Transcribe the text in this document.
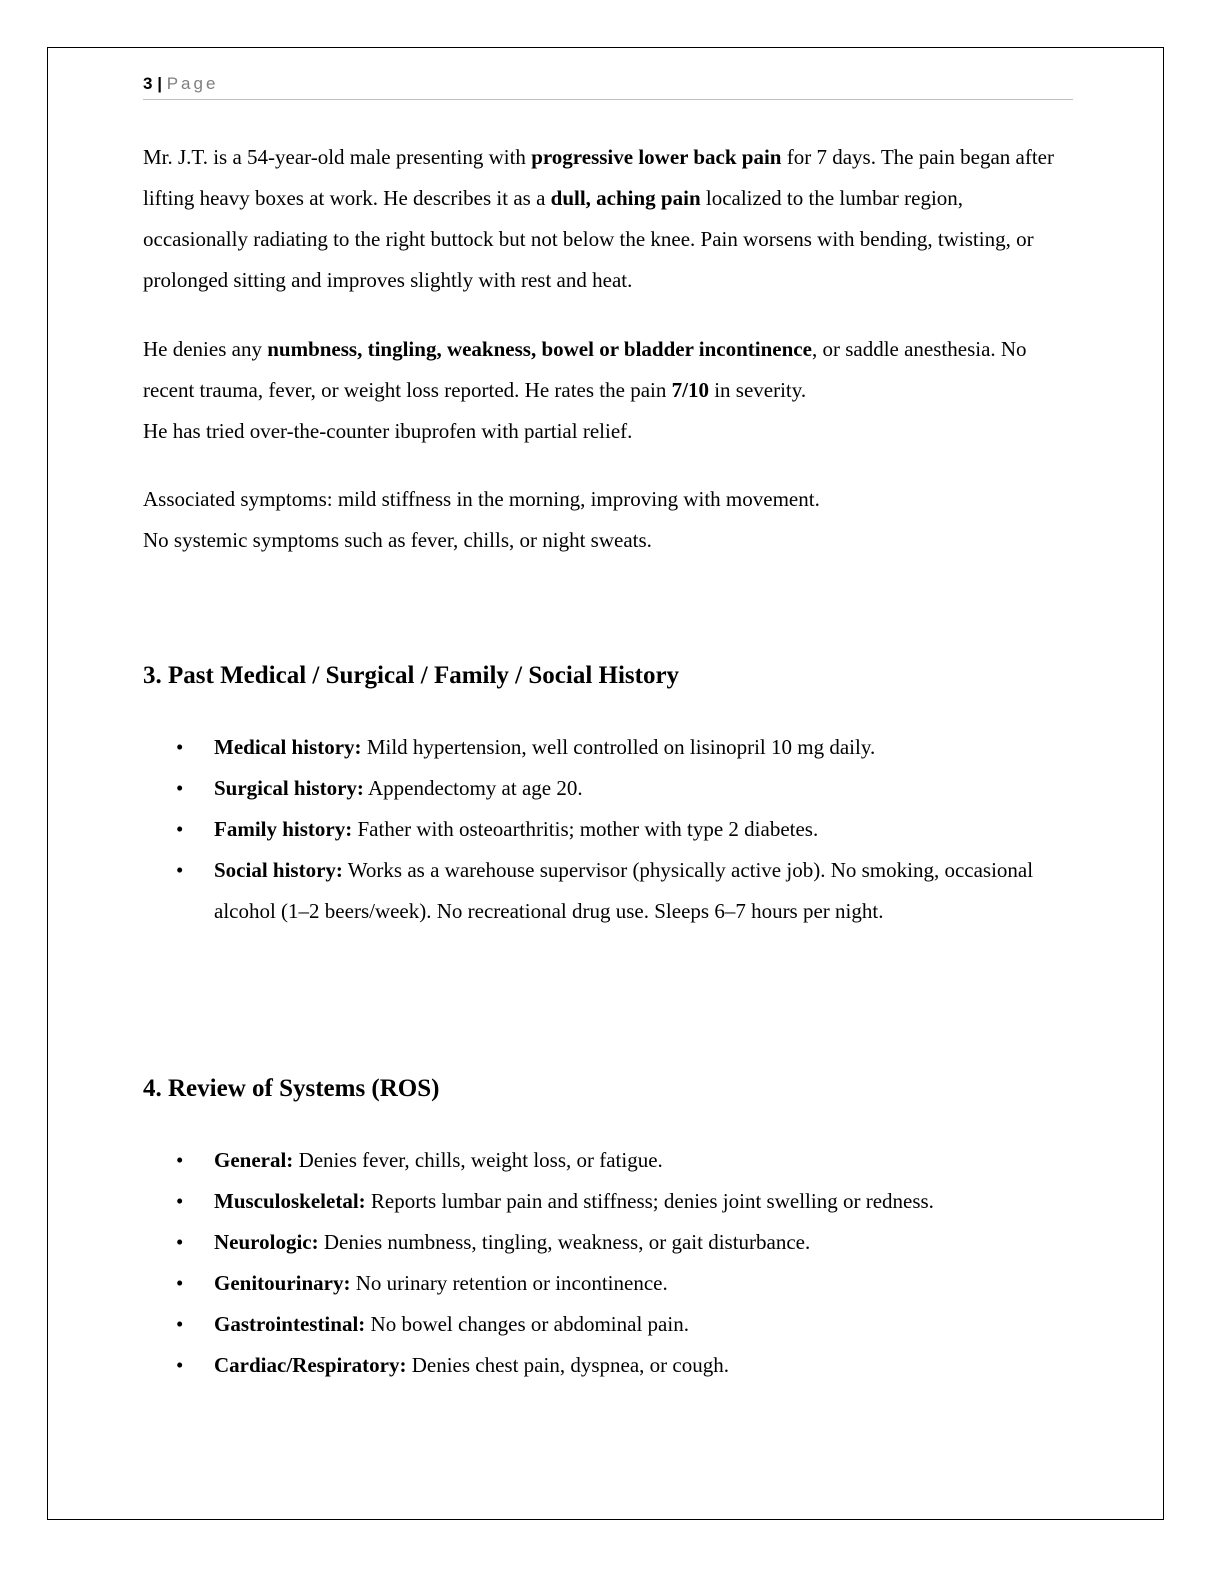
3 | Page

Mr. J.T. is a 54-year-old male presenting with progressive lower back pain for 7 days. The pain began after lifting heavy boxes at work. He describes it as a dull, aching pain localized to the lumbar region, occasionally radiating to the right buttock but not below the knee. Pain worsens with bending, twisting, or prolonged sitting and improves slightly with rest and heat.

He denies any numbness, tingling, weakness, bowel or bladder incontinence, or saddle anesthesia. No recent trauma, fever, or weight loss reported. He rates the pain 7/10 in severity.
He has tried over-the-counter ibuprofen with partial relief.

Associated symptoms: mild stiffness in the morning, improving with movement.
No systemic symptoms such as fever, chills, or night sweats.

3. Past Medical / Surgical / Family / Social History
• Medical history: Mild hypertension, well controlled on lisinopril 10 mg daily.
• Surgical history: Appendectomy at age 20.
• Family history: Father with osteoarthritis; mother with type 2 diabetes.
• Social history: Works as a warehouse supervisor (physically active job). No smoking, occasional alcohol (1–2 beers/week). No recreational drug use. Sleeps 6–7 hours per night.
4. Review of Systems (ROS)
• General: Denies fever, chills, weight loss, or fatigue.
• Musculoskeletal: Reports lumbar pain and stiffness; denies joint swelling or redness.
• Neurologic: Denies numbness, tingling, weakness, or gait disturbance.
• Genitourinary: No urinary retention or incontinence.
• Gastrointestinal: No bowel changes or abdominal pain.
• Cardiac/Respiratory: Denies chest pain, dyspnea, or cough.
